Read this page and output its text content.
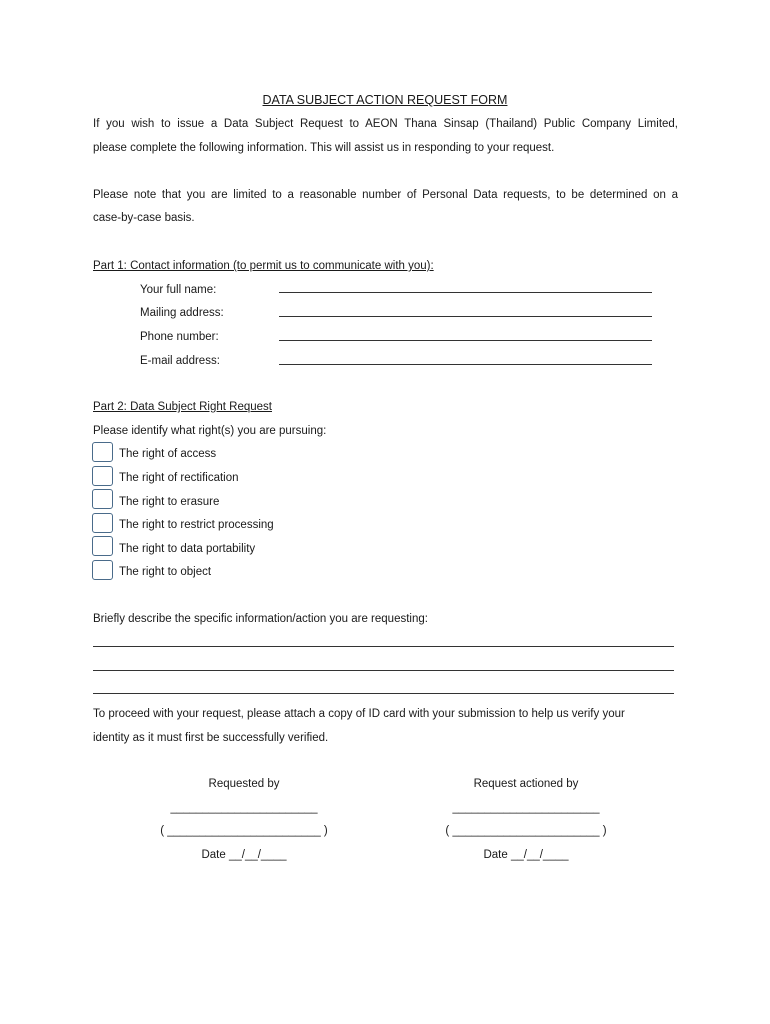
DATA SUBJECT ACTION REQUEST FORM
If you wish to issue a Data Subject Request to AEON Thana Sinsap (Thailand) Public Company Limited,
please complete the following information. This will assist us in responding to your request.
Please note that you are limited to a reasonable number of Personal Data requests, to be determined on a
case-by-case basis.
Part 1: Contact information (to permit us to communicate with you):
Your full name:
Mailing address:
Phone number:
E-mail address:
Part 2: Data Subject Right Request
Please identify what right(s) you are pursuing:
The right of access
The right of rectification
The right to erasure
The right to restrict processing
The right to data portability
The right to object
Briefly describe the specific information/action you are requesting:
To proceed with your request, please attach a copy of ID card with your submission to help us verify your
identity as it must first be successfully verified.
Requested by
_______________________
( ________________________ )
Date __/__/____
Request actioned by
_______________________
( _______________________ )
Date __/__/____
